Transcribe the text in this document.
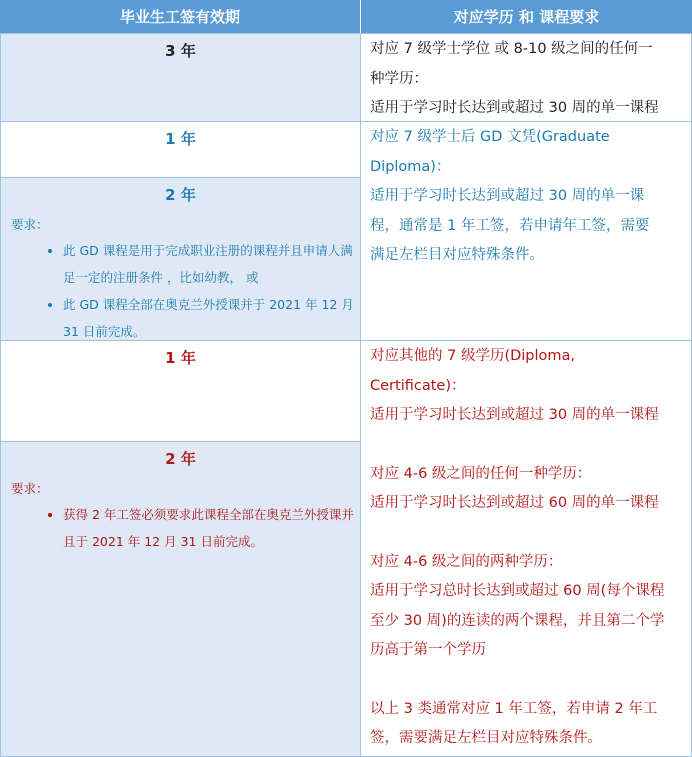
毕业生工签有效期	对应学历 和 课程要求
3 年	对应 7 级学士学位 或 8-10 级之间的任何一

种学历：

适用于学习时长达到或超过 30 周的单一课程

1 年
2 年
要求：
• 此 GD 课程是用于完成职业注册的课程并且申请人满足一定的注册条件 ，比如幼教， 或
• 此 GD 课程全部在奥克兰外授课并于 2021 年 12 月 31 日前完成。

对应 7 级学士后 GD 文凭(Graduate

Diploma)：

适用于学习时长达到或超过 30 周的单一课

程，通常是 1 年工签，若申请年工签，需要

满足左栏目对应特殊条件。

1 年
2 年
要求：
• 获得 2 年工签必须要求此课程全部在奥克兰外授课并且于 2021 年 12 月 31 日前完成。

对应其他的 7 级学历(Diploma,

Certificate)：

适用于学习时长达到或超过 30 周的单一课程

对应 4-6 级之间的任何一种学历：

适用于学习时长达到或超过 60 周的单一课程

对应 4-6 级之间的两种学历：

适用于学习总时长达到或超过 60 周(每个课程

至少 30 周)的连读的两个课程，并且第二个学

历高于第一个学历

以上 3 类通常对应 1 年工签，若申请 2 年工

签，需要满足左栏目对应特殊条件。
